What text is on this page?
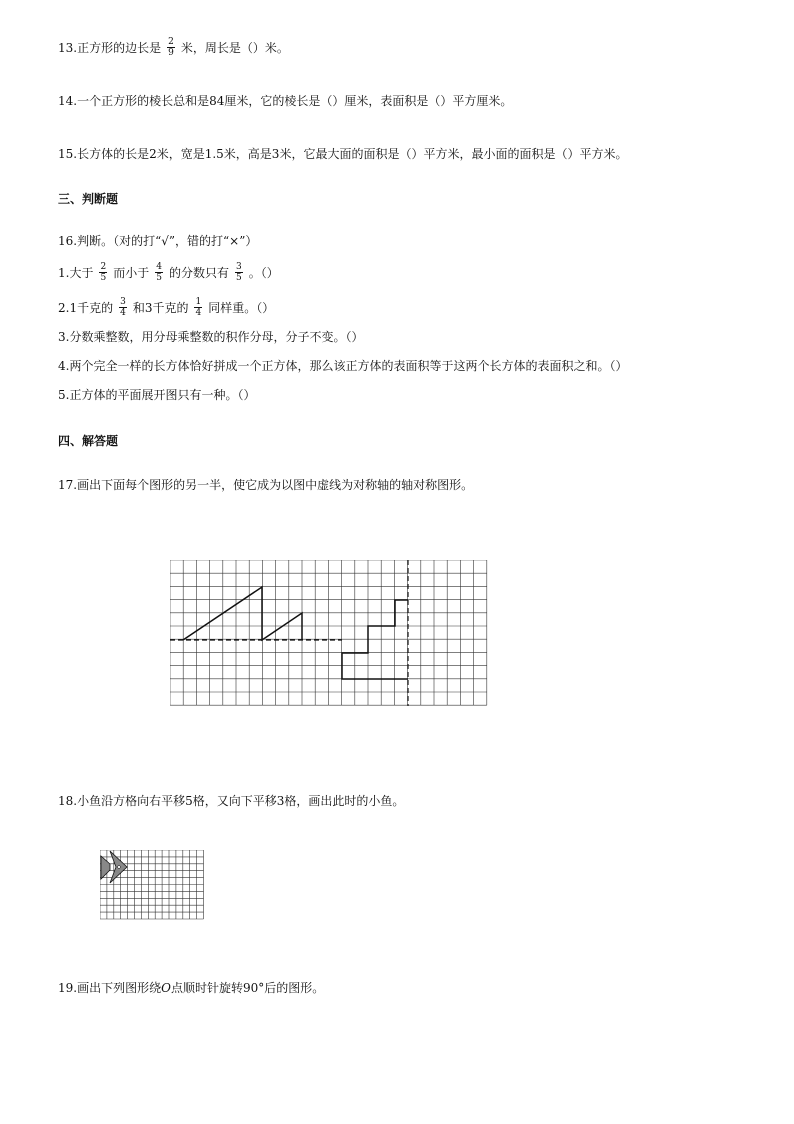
13.正方形的边长是 $\frac{2}{9}$ 米，周长是（）米。
14.一个正方形的棱长总和是84厘米，它的棱长是（）厘米，表面积是（）平方厘米。
15.长方体的长是2米，宽是1.5米，高是3米，它最大面的面积是（）平方米，最小面的面积是（）平方米。
三、判断题
16.判断。（对的打“√”，错的打“×”）
1.大于 $\frac{2}{5}$ 而小于 $\frac{4}{5}$ 的分数只有 $\frac{3}{5}$ 。（）
2.1千克的 $\frac{3}{4}$ 和3千克的 $\frac{1}{4}$ 同样重。（）
3.分数乘整数，用分母乘整数的积作分母，分子不变。（）
4.两个完全一样的长方体恰好拼成一个正方体，那么该正方体的表面积等于这两个长方体的表面积之和。（）
5.正方体的平面展开图只有一种。（）
四、解答题
17.画出下面每个图形的另一半，使它成为以图中虚线为对称轴的轴对称图形。
18.小鱼沿方格向右平移5格，又向下平移3格，画出此时的小鱼。
19.画出下列图形绕O点顺时针旋转90°后的图形。
